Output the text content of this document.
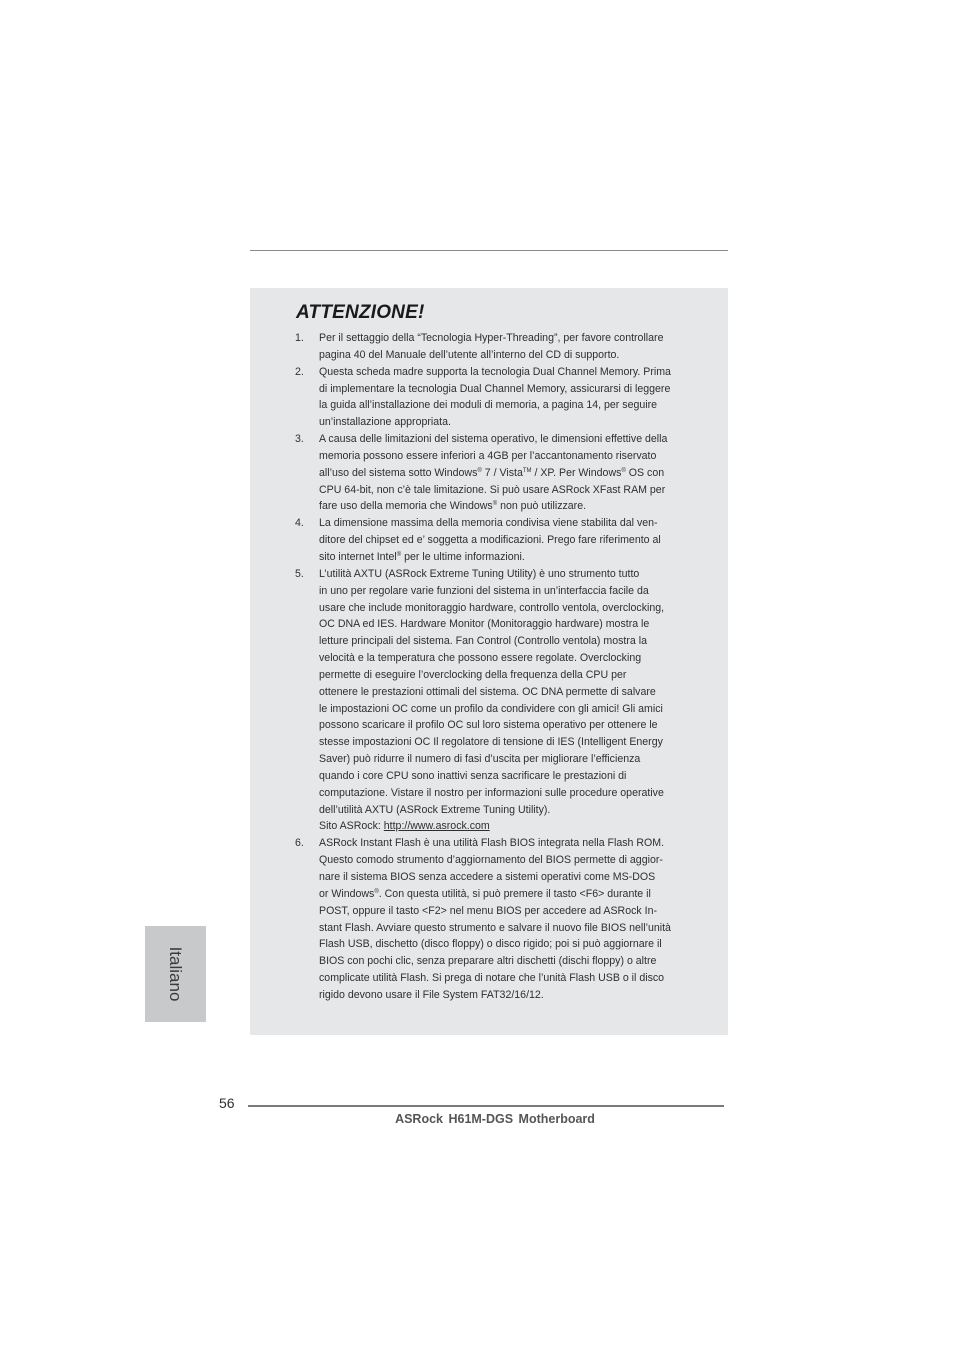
ATTENZIONE!
1. Per il settaggio della “Tecnologia Hyper-Threading”, per favore controllare
pagina 40 del Manuale dell’utente all’interno del CD di supporto.
2. Questa scheda madre supporta la tecnologia Dual Channel Memory. Prima
di implementare la tecnologia Dual Channel Memory, assicurarsi di leggere
la guida all’installazione dei moduli di memoria, a pagina 14, per seguire
un’installazione appropriata.
3. A causa delle limitazioni del sistema operativo, le dimensioni effettive della
memoria possono essere inferiori a 4GB per l’accantonamento riservato
all’uso del sistema sotto Windows® 7 / Vista™ / XP. Per Windows® OS con
CPU 64-bit, non c’è tale limitazione. Si può usare ASRock XFast RAM per
fare uso della memoria che Windows® non può utilizzare.
4. La dimensione massima della memoria condivisa viene stabilita dal ven-
ditore del chipset ed e’ soggetta a modificazioni. Prego fare riferimento al
sito internet Intel® per le ultime informazioni.
5. L’utilità AXTU (ASRock Extreme Tuning Utility) è uno strumento tutto
in uno per regolare varie funzioni del sistema in un’interfaccia facile da
usare che include monitoraggio hardware, controllo ventola, overclocking,
OC DNA ed IES. Hardware Monitor (Monitoraggio hardware) mostra le
letture principali del sistema. Fan Control (Controllo ventola) mostra la
velocità e la temperatura che possono essere regolate. Overclocking
permette di eseguire l’overclocking della frequenza della CPU per
ottenere le prestazioni ottimali del sistema. OC DNA permette di salvare
le impostazioni OC come un profilo da condividere con gli amici! Gli amici
possono scaricare il profilo OC sul loro sistema operativo per ottenere le
stesse impostazioni OC Il regolatore di tensione di IES (Intelligent Energy
Saver) può ridurre il numero di fasi d’uscita per migliorare l’efficienza
quando i core CPU sono inattivi senza sacrificare le prestazioni di
computazione. Vistare il nostro per informazioni sulle procedure operative
dell’utilità AXTU (ASRock Extreme Tuning Utility).
Sito ASRock: http://www.asrock.com
6. ASRock Instant Flash è una utilità Flash BIOS integrata nella Flash ROM.
Questo comodo strumento d’aggiornamento del BIOS permette di aggior-
nare il sistema BIOS senza accedere a sistemi operativi come MS-DOS
or Windows®. Con questa utilità, si può premere il tasto <F6> durante il
POST, oppure il tasto <F2> nel menu BIOS per accedere ad ASRock In-
stant Flash. Avviare questo strumento e salvare il nuovo file BIOS nell’unità
Flash USB, dischetto (disco floppy) o disco rigido; poi si può aggiornare il
BIOS con pochi clic, senza preparare altri dischetti (dischi floppy) o altre
complicate utilità Flash. Si prega di notare che l’unità Flash USB o il disco
rigido devono usare il File System FAT32/16/12.
Italiano
56
ASRock H61M-DGS Motherboard
